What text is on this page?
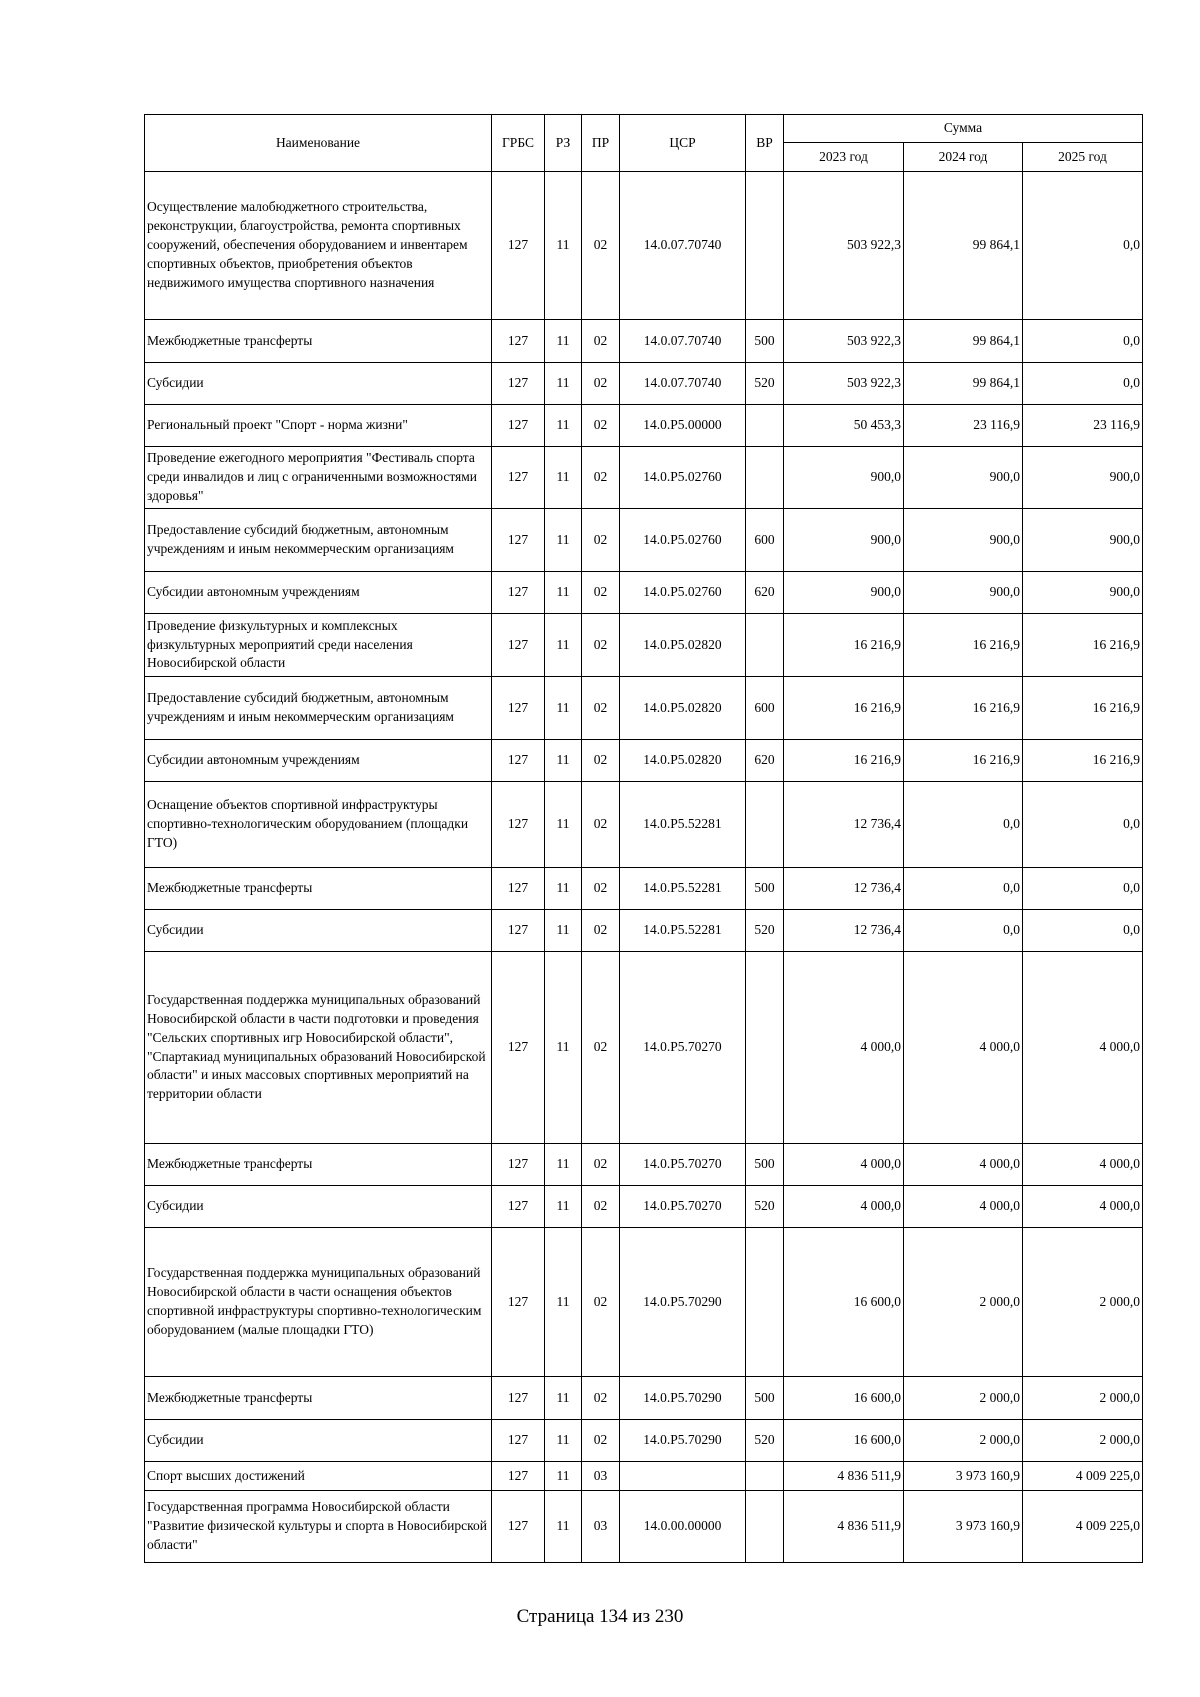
Наименование	ГРБС	РЗ	ПР	ЦСР	ВР	Сумма		
						2023 год	2024 год	2025 год
Осуществление малобюджетного строительства, реконструкции, благоустройства, ремонта спортивных сооружений, обеспечения оборудованием и инвентарем спортивных объектов, приобретения объектов недвижимого имущества спортивного назначения	127	11	02	14.0.07.70740		503 922,3	99 864,1	0,0
Межбюджетные трансферты	127	11	02	14.0.07.70740	500	503 922,3	99 864,1	0,0
Субсидии	127	11	02	14.0.07.70740	520	503 922,3	99 864,1	0,0
Региональный проект "Спорт - норма жизни"	127	11	02	14.0.P5.00000		50 453,3	23 116,9	23 116,9
Проведение ежегодного мероприятия "Фестиваль спорта среди инвалидов и лиц с ограниченными возможностями здоровья"	127	11	02	14.0.P5.02760		900,0	900,0	900,0
Предоставление субсидий бюджетным, автономным учреждениям и иным некоммерческим организациям	127	11	02	14.0.P5.02760	600	900,0	900,0	900,0
Субсидии автономным учреждениям	127	11	02	14.0.P5.02760	620	900,0	900,0	900,0
Проведение физкультурных и комплексных физкультурных мероприятий среди населения Новосибирской области	127	11	02	14.0.P5.02820		16 216,9	16 216,9	16 216,9
Предоставление субсидий бюджетным, автономным учреждениям и иным некоммерческим организациям	127	11	02	14.0.P5.02820	600	16 216,9	16 216,9	16 216,9
Субсидии автономным учреждениям	127	11	02	14.0.P5.02820	620	16 216,9	16 216,9	16 216,9
Оснащение объектов спортивной инфраструктуры спортивно-технологическим оборудованием (площадки ГТО)	127	11	02	14.0.P5.52281		12 736,4	0,0	0,0
Межбюджетные трансферты	127	11	02	14.0.P5.52281	500	12 736,4	0,0	0,0
Субсидии	127	11	02	14.0.P5.52281	520	12 736,4	0,0	0,0
Государственная поддержка муниципальных образований Новосибирской области в части подготовки и проведения "Сельских спортивных игр Новосибирской области", "Спартакиад муниципальных образований Новосибирской области" и иных массовых спортивных мероприятий на территории области	127	11	02	14.0.P5.70270		4 000,0	4 000,0	4 000,0
Межбюджетные трансферты	127	11	02	14.0.P5.70270	500	4 000,0	4 000,0	4 000,0
Субсидии	127	11	02	14.0.P5.70270	520	4 000,0	4 000,0	4 000,0
Государственная поддержка муниципальных образований Новосибирской области в части оснащения объектов спортивной инфраструктуры спортивно-технологическим оборудованием (малые площадки ГТО)	127	11	02	14.0.P5.70290		16 600,0	2 000,0	2 000,0
Межбюджетные трансферты	127	11	02	14.0.P5.70290	500	16 600,0	2 000,0	2 000,0
Субсидии	127	11	02	14.0.P5.70290	520	16 600,0	2 000,0	2 000,0
Спорт высших достижений	127	11	03			4 836 511,9	3 973 160,9	4 009 225,0
Государственная программа Новосибирской области "Развитие физической культуры и спорта в Новосибирской области"	127	11	03	14.0.00.00000		4 836 511,9	3 973 160,9	4 009 225,0
Страница 134 из 230
